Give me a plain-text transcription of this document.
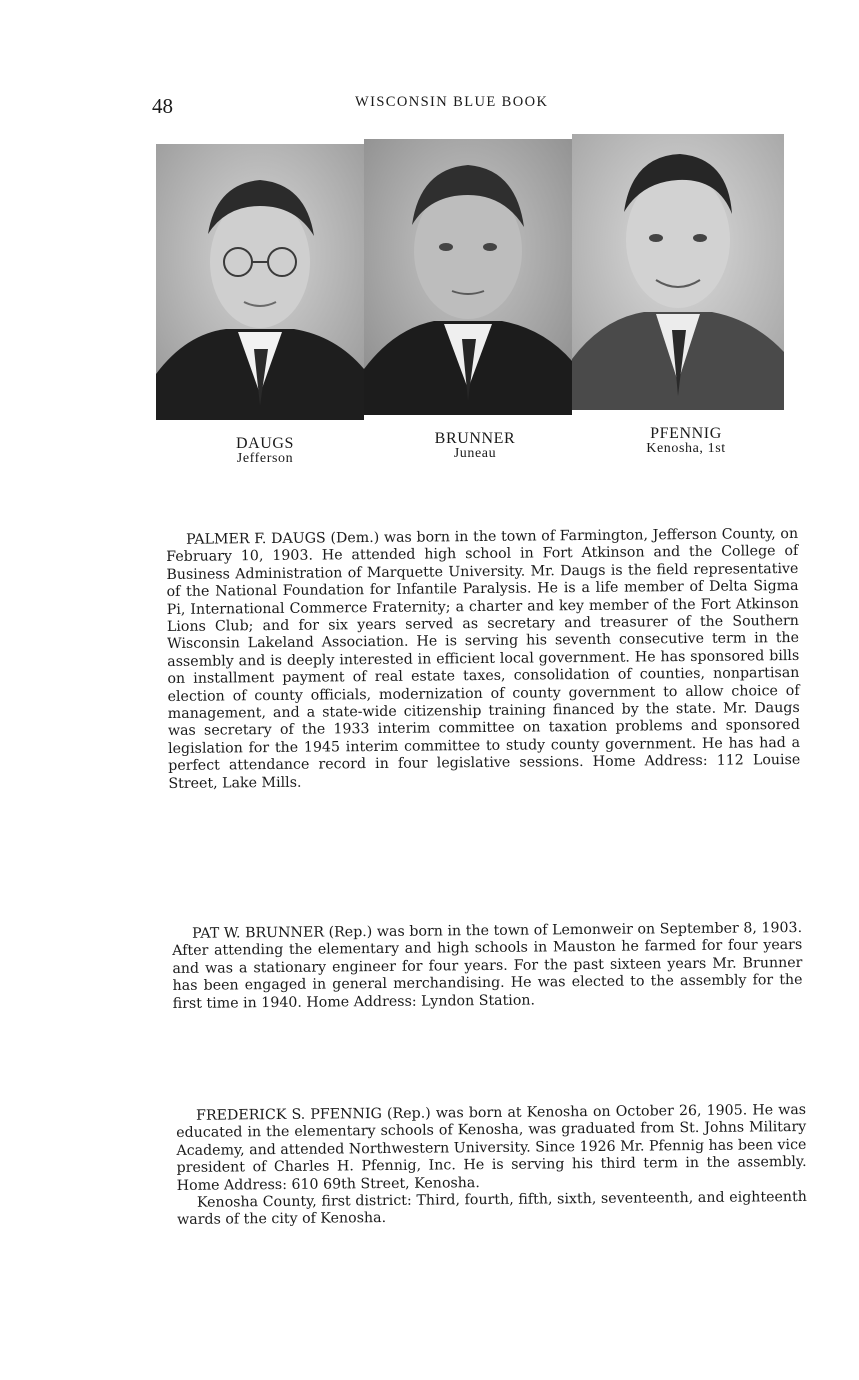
48	WISCONSIN BLUE BOOK
DAUGS
Jefferson
BRUNNER
Juneau
PFENNIG
Kenosha, 1st

PALMER F. DAUGS (Dem.) was born in the town of Farmington, Jefferson County, on February 10, 1903. He attended high school in Fort Atkinson and the College of Business Administration of Marquette University. Mr. Daugs is the field representative of the National Foundation for Infantile Paralysis. He is a life member of Delta Sigma Pi, International Commerce Fraternity; a charter and key member of the Fort Atkinson Lions Club; and for six years served as secretary and treasurer of the Southern Wisconsin Lakeland Association. He is serving his seventh consecutive term in the assembly and is deeply interested in efficient local government. He has sponsored bills on installment payment of real estate taxes, consolidation of counties, nonpartisan election of county officials, modernization of county government to allow choice of management, and a state-wide citizenship training financed by the state. Mr. Daugs was secretary of the 1933 interim committee on taxation problems and sponsored legislation for the 1945 interim committee to study county government. He has had a perfect attendance record in four legislative sessions. Home Address: 112 Louise Street, Lake Mills.

PAT W. BRUNNER (Rep.) was born in the town of Lemonweir on September 8, 1903. After attending the elementary and high schools in Mauston he farmed for four years and was a stationary engineer for four years. For the past sixteen years Mr. Brunner has been engaged in general merchandising. He was elected to the assembly for the first time in 1940. Home Address: Lyndon Station.

FREDERICK S. PFENNIG (Rep.) was born at Kenosha on October 26, 1905. He was educated in the elementary schools of Kenosha, was graduated from St. Johns Military Academy, and attended Northwestern University. Since 1926 Mr. Pfennig has been vice president of Charles H. Pfennig, Inc. He is serving his third term in the assembly. Home Address: 610 69th Street, Kenosha.

Kenosha County, first district: Third, fourth, fifth, sixth, seventeenth, and eighteenth wards of the city of Kenosha.
